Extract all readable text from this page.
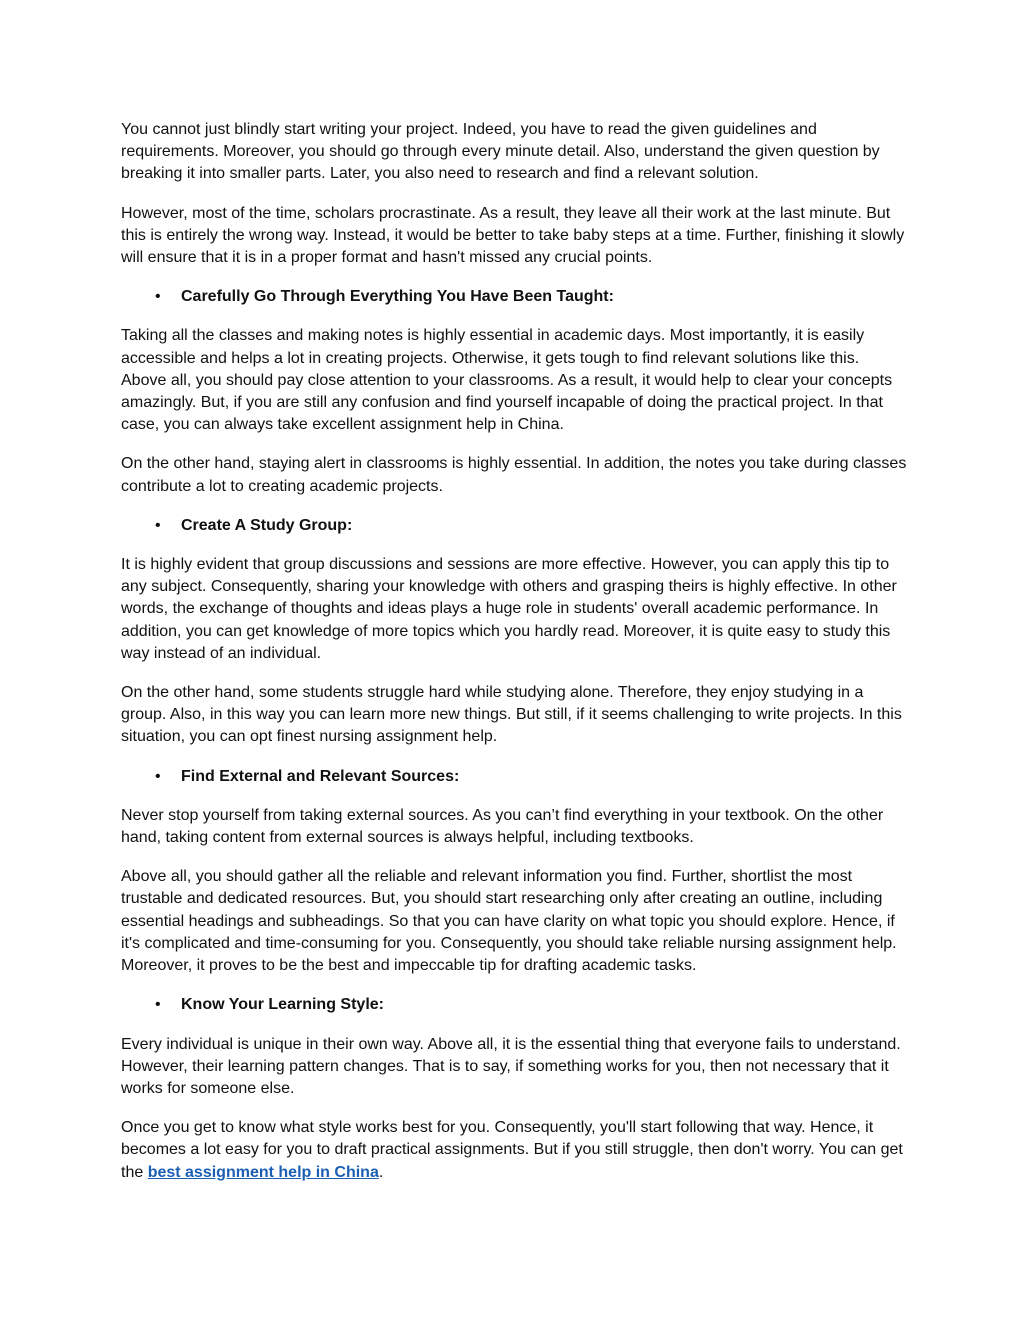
You cannot just blindly start writing your project. Indeed, you have to read the given guidelines and requirements. Moreover, you should go through every minute detail. Also, understand the given question by breaking it into smaller parts. Later, you also need to research and find a relevant solution.

However, most of the time, scholars procrastinate. As a result, they leave all their work at the last minute. But this is entirely the wrong way. Instead, it would be better to take baby steps at a time. Further, finishing it slowly will ensure that it is in a proper format and hasn't missed any crucial points.

• Carefully Go Through Everything You Have Been Taught:

Taking all the classes and making notes is highly essential in academic days. Most importantly, it is easily accessible and helps a lot in creating projects. Otherwise, it gets tough to find relevant solutions like this. Above all, you should pay close attention to your classrooms. As a result, it would help to clear your concepts amazingly. But, if you are still any confusion and find yourself incapable of doing the practical project. In that case, you can always take excellent assignment help in China.

On the other hand, staying alert in classrooms is highly essential. In addition, the notes you take during classes contribute a lot to creating academic projects.

• Create A Study Group:

It is highly evident that group discussions and sessions are more effective. However, you can apply this tip to any subject. Consequently, sharing your knowledge with others and grasping theirs is highly effective. In other words, the exchange of thoughts and ideas plays a huge role in students' overall academic performance. In addition, you can get knowledge of more topics which you hardly read. Moreover, it is quite easy to study this way instead of an individual.

On the other hand, some students struggle hard while studying alone. Therefore, they enjoy studying in a group. Also, in this way you can learn more new things. But still, if it seems challenging to write projects. In this situation, you can opt finest nursing assignment help.

• Find External and Relevant Sources:

Never stop yourself from taking external sources. As you can’t find everything in your textbook. On the other hand, taking content from external sources is always helpful, including textbooks.

Above all, you should gather all the reliable and relevant information you find. Further, shortlist the most trustable and dedicated resources. But, you should start researching only after creating an outline, including essential headings and subheadings. So that you can have clarity on what topic you should explore. Hence, if it's complicated and time-consuming for you. Consequently, you should take reliable nursing assignment help. Moreover, it proves to be the best and impeccable tip for drafting academic tasks.

• Know Your Learning Style:

Every individual is unique in their own way. Above all, it is the essential thing that everyone fails to understand. However, their learning pattern changes. That is to say, if something works for you, then not necessary that it works for someone else.

Once you get to know what style works best for you. Consequently, you'll start following that way. Hence, it becomes a lot easy for you to draft practical assignments. But if you still struggle, then don't worry. You can get the best assignment help in China.
